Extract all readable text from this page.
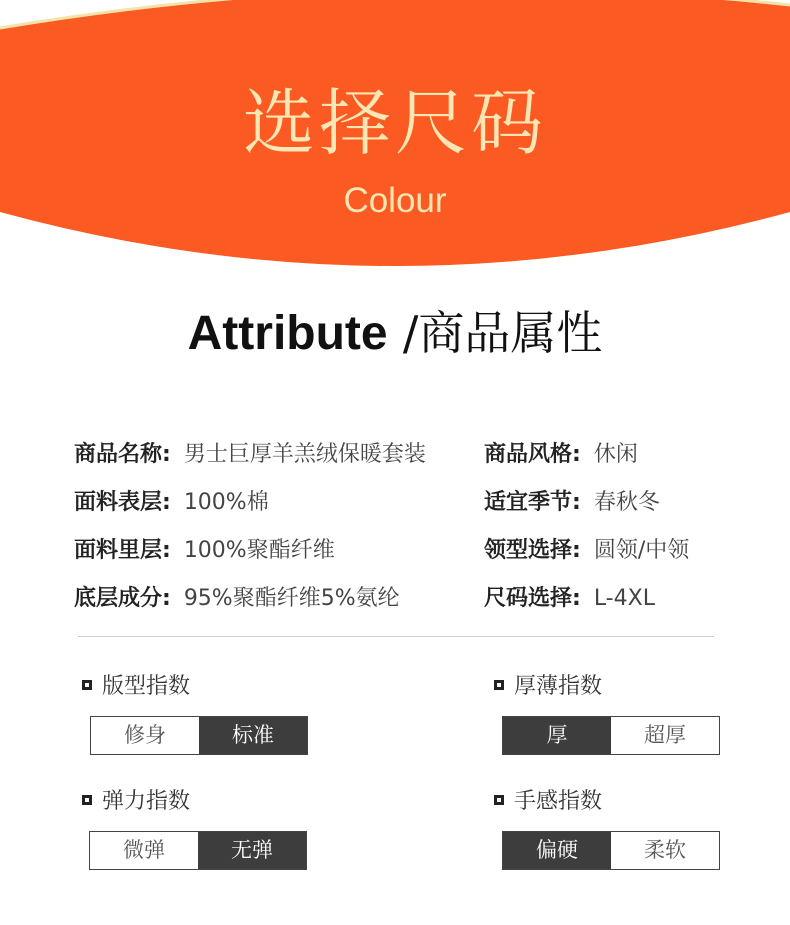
选择尺码
Colour
Attribute /商品属性
商品名称: 男士巨厚羊羔绒保暖套装
面料表层: 100%棉
面料里层: 100%聚酯纤维
底层成分: 95%聚酯纤维5%氨纶
商品风格: 休闲
适宜季节: 春秋冬
领型选择: 圆领/中领
尺码选择: L-4XL
版型指数
修身	标准
厚薄指数
厚	超厚
弹力指数
微弹	无弹
手感指数
偏硬	柔软
